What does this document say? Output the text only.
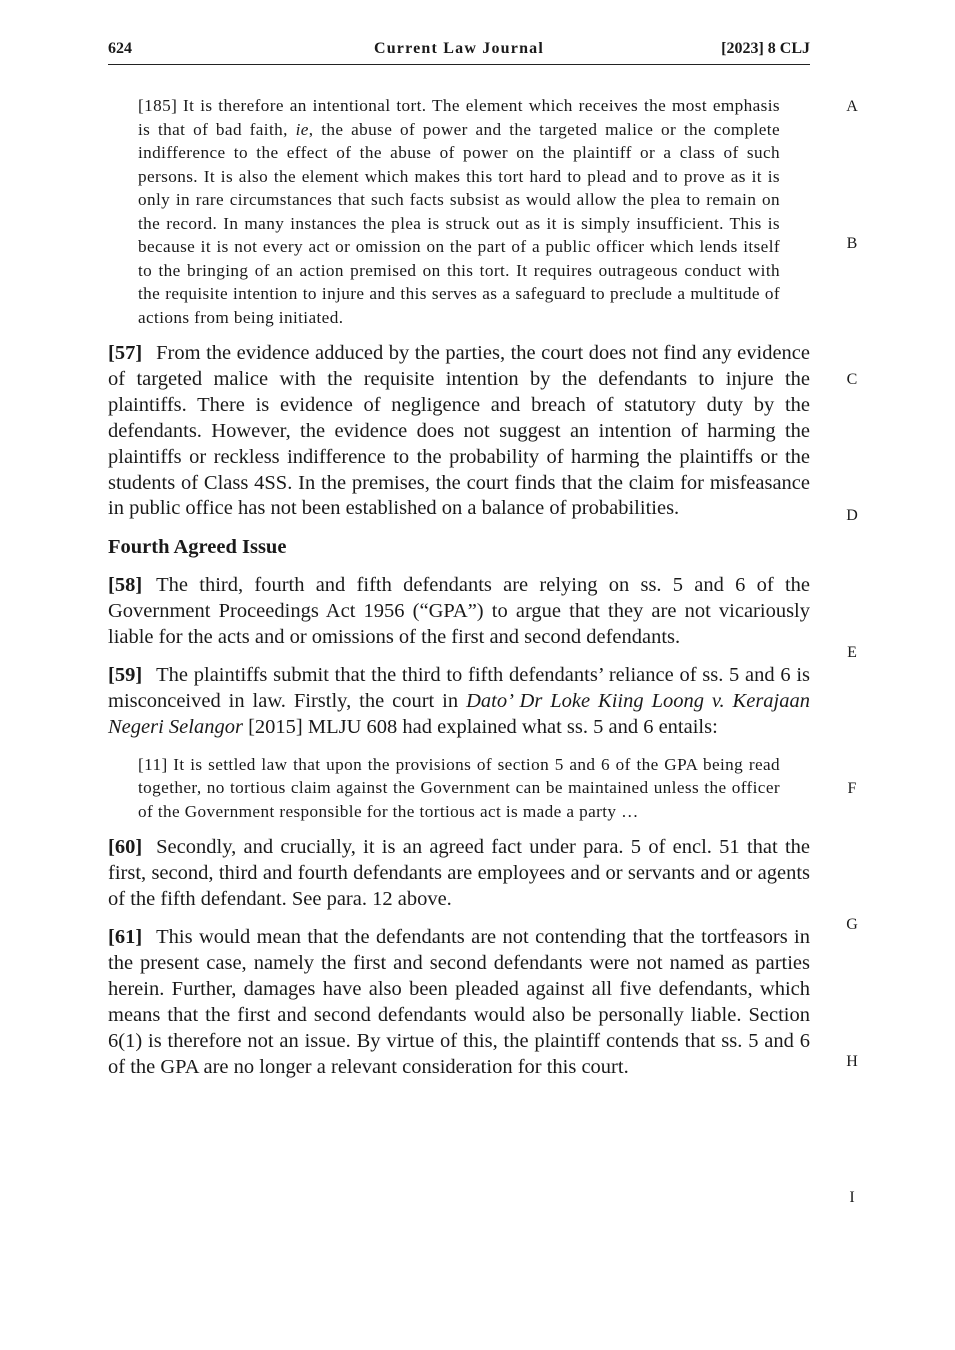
624	Current Law Journal	[2023] 8 CLJ

[185] It is therefore an intentional tort. The element which receives the most emphasis is that of bad faith, ie, the abuse of power and the targeted malice or the complete indifference to the effect of the abuse of power on the plaintiff or a class of such persons. It is also the element which makes this tort hard to plead and to prove as it is only in rare circumstances that such facts subsist as would allow the plea to remain on the record. In many instances the plea is struck out as it is simply insufficient. This is because it is not every act or omission on the part of a public officer which lends itself to the bringing of an action premised on this tort. It requires outrageous conduct with the requisite intention to injure and this serves as a safeguard to preclude a multitude of actions from being initiated.

[57] From the evidence adduced by the parties, the court does not find any evidence of targeted malice with the requisite intention by the defendants to injure the plaintiffs. There is evidence of negligence and breach of statutory duty by the defendants. However, the evidence does not suggest an intention of harming the plaintiffs or reckless indifference to the probability of harming the plaintiffs or the students of Class 4SS. In the premises, the court finds that the claim for misfeasance in public office has not been established on a balance of probabilities.

Fourth Agreed Issue

[58] The third, fourth and fifth defendants are relying on ss. 5 and 6 of the Government Proceedings Act 1956 (“GPA”) to argue that they are not vicariously liable for the acts and or omissions of the first and second defendants.

[59] The plaintiffs submit that the third to fifth defendants’ reliance of ss. 5 and 6 is misconceived in law. Firstly, the court in Dato’ Dr Loke Kiing Loong v. Kerajaan Negeri Selangor [2015] MLJU 608 had explained what ss. 5 and 6 entails:

[11] It is settled law that upon the provisions of section 5 and 6 of the GPA being read together, no tortious claim against the Government can be maintained unless the officer of the Government responsible for the tortious act is made a party …

[60] Secondly, and crucially, it is an agreed fact under para. 5 of encl. 51 that the first, second, third and fourth defendants are employees and or servants and or agents of the fifth defendant. See para. 12 above.

[61] This would mean that the defendants are not contending that the tortfeasors in the present case, namely the first and second defendants were not named as parties herein. Further, damages have also been pleaded against all five defendants, which means that the first and second defendants would also be personally liable. Section 6(1) is therefore not an issue. By virtue of this, the plaintiff contends that ss. 5 and 6 of the GPA are no longer a relevant consideration for this court.

A
B
C
D
E
F
G
H
I
